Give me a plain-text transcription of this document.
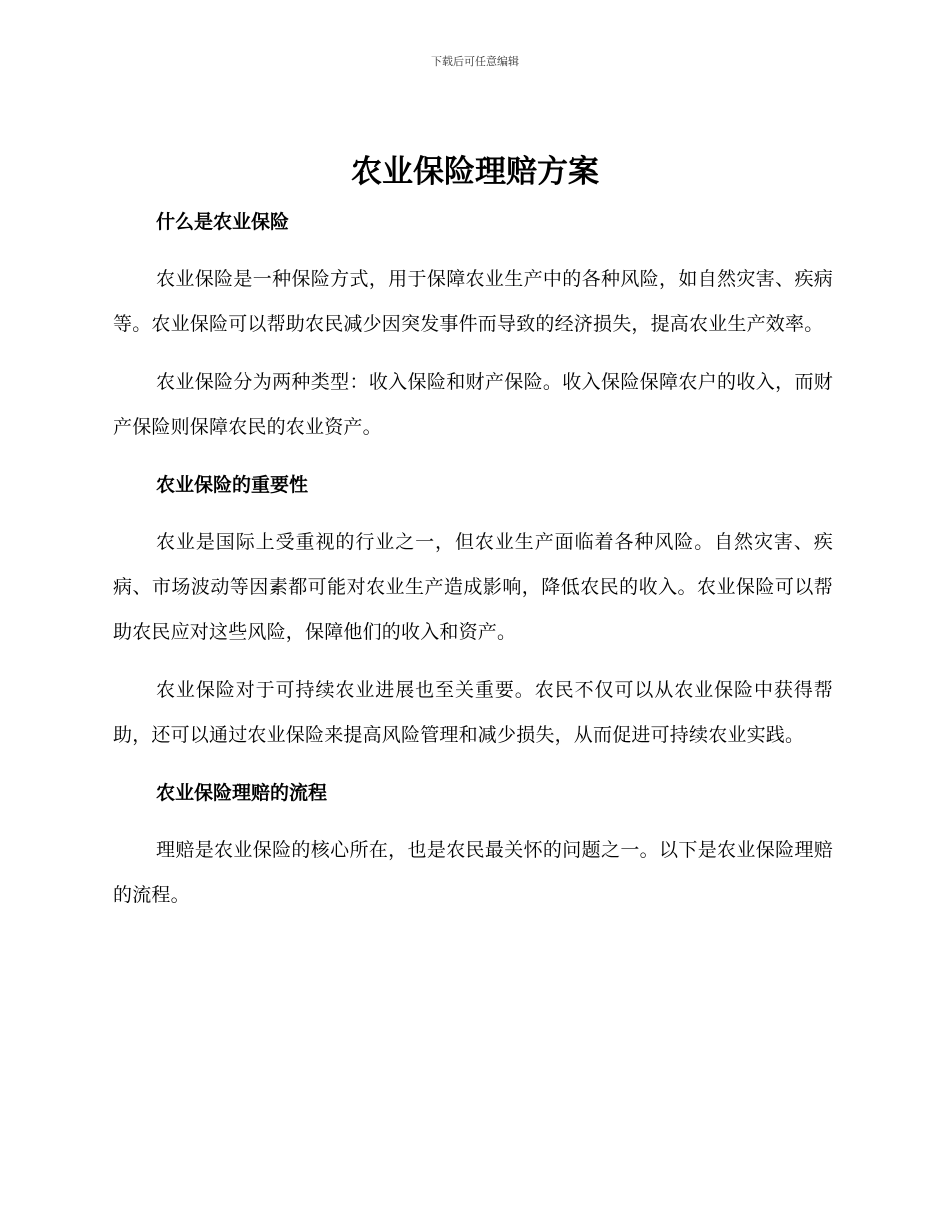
下载后可任意编辑
农业保险理赔方案
什么是农业保险

农业保险是一种保险方式，用于保障农业生产中的各种风险，如自然灾害、疾病等。农业保险可以帮助农民减少因突发事件而导致的经济损失，提高农业生产效率。

农业保险分为两种类型：收入保险和财产保险。收入保险保障农户的收入，而财产保险则保障农民的农业资产。

农业保险的重要性

农业是国际上受重视的行业之一，但农业生产面临着各种风险。自然灾害、疾病、市场波动等因素都可能对农业生产造成影响，降低农民的收入。农业保险可以帮助农民应对这些风险，保障他们的收入和资产。

农业保险对于可持续农业进展也至关重要。农民不仅可以从农业保险中获得帮助，还可以通过农业保险来提高风险管理和减少损失，从而促进可持续农业实践。

农业保险理赔的流程

理赔是农业保险的核心所在，也是农民最关怀的问题之一。以下是农业保险理赔的流程。
